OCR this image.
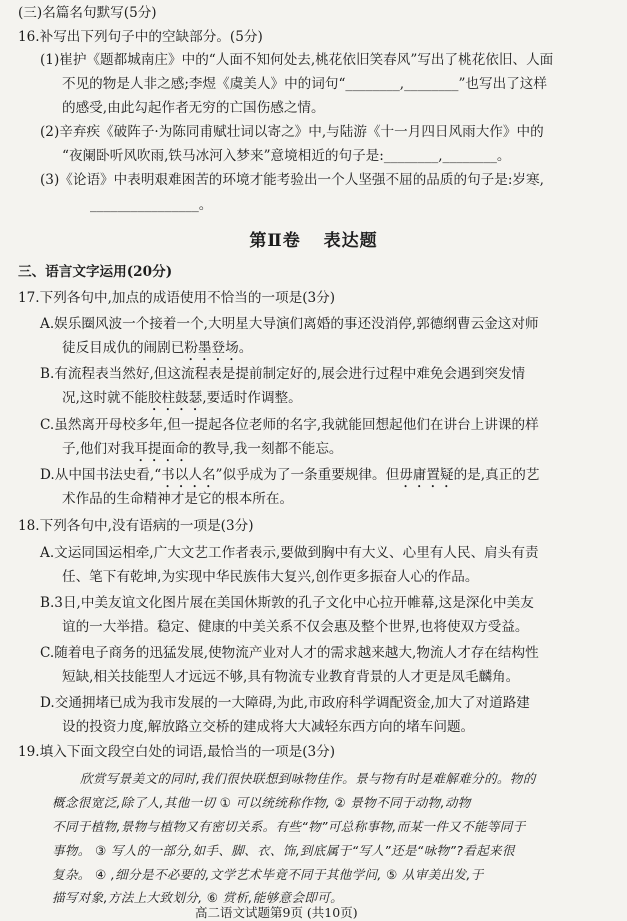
(三)名篇名句默写(5分)
16.补写出下列句子中的空缺部分。(5分)
(1)崔护《题都城南庄》中的“人面不知何处去,桃花依旧笑春风”写出了桃花依旧、人面
不见的物是人非之感;李煜《虞美人》中的词句“________,________”也写出了这样
的感受,由此勾起作者无穷的亡国伤感之情。
(2)辛弃疾《破阵子·为陈同甫赋壮词以寄之》中,与陆游《十一月四日风雨大作》中的
“夜阑卧听风吹雨,铁马冰河入梦来”意境相近的句子是:________,________。
(3)《论语》中表明艰难困苦的环境才能考验出一个人坚强不屈的品质的句子是:岁寒,
________________。
第Ⅱ卷 表达题
三、语言文字运用(20分)
17.下列各句中,加点的成语使用不恰当的一项是(3分)
A.娱乐圈风波一个接着一个,大明星大导演们离婚的事还没消停,郭德纲曹云金这对师
徒反目成仇的闹剧已粉墨登场。
B.有流程表当然好,但这流程表是提前制定好的,展会进行过程中难免会遇到突发情
况,这时就不能胶柱鼓瑟,要适时作调整。
C.虽然离开母校多年,但一提起各位老师的名字,我就能回想起他们在讲台上讲课的样
子,他们对我耳提面命的教导,我一刻都不能忘。
D.从中国书法史看,“书以人名”似乎成为了一条重要规律。但毋庸置疑的是,真正的艺
术作品的生命精神才是它的根本所在。
18.下列各句中,没有语病的一项是(3分)
A.文运同国运相牵,广大文艺工作者表示,要做到胸中有大义、心里有人民、肩头有责
任、笔下有乾坤,为实现中华民族伟大复兴,创作更多振奋人心的作品。
B.3日,中美友谊文化图片展在美国休斯敦的孔子文化中心拉开帷幕,这是深化中美友
谊的一大举措。稳定、健康的中美关系不仅会惠及整个世界,也将使双方受益。
C.随着电子商务的迅猛发展,使物流产业对人才的需求越来越大,物流人才存在结构性
短缺,相关技能型人才远远不够,具有物流专业教育背景的人才更是凤毛麟角。
D.交通拥堵已成为我市发展的一大障碍,为此,市政府科学调配资金,加大了对道路建
设的投资力度,解放路立交桥的建成将大大减轻东西方向的堵车问题。
19.填入下面文段空白处的词语,最恰当的一项是(3分)
欣赏写景美文的同时,我们很快联想到咏物佳作。景与物有时是难解难分的。物的
概念很宽泛,除了人,其他一切 ① 可以统统称作物, ② 景物不同于动物,动物
不同于植物,景物与植物又有密切关系。有些“物”可总称事物,而某一件又不能等同于
事物。 ③ 写人的一部分,如手、脚、衣、饰,到底属于“写人”还是“咏物”?看起来很
复杂。 ④ ,细分是不必要的,文学艺术毕竟不同于其他学问, ⑤ 从审美出发,于
描写对象,方法上大致划分, ⑥ 赏析,能够意会即可。
高二语文试题第9页 (共10页)
